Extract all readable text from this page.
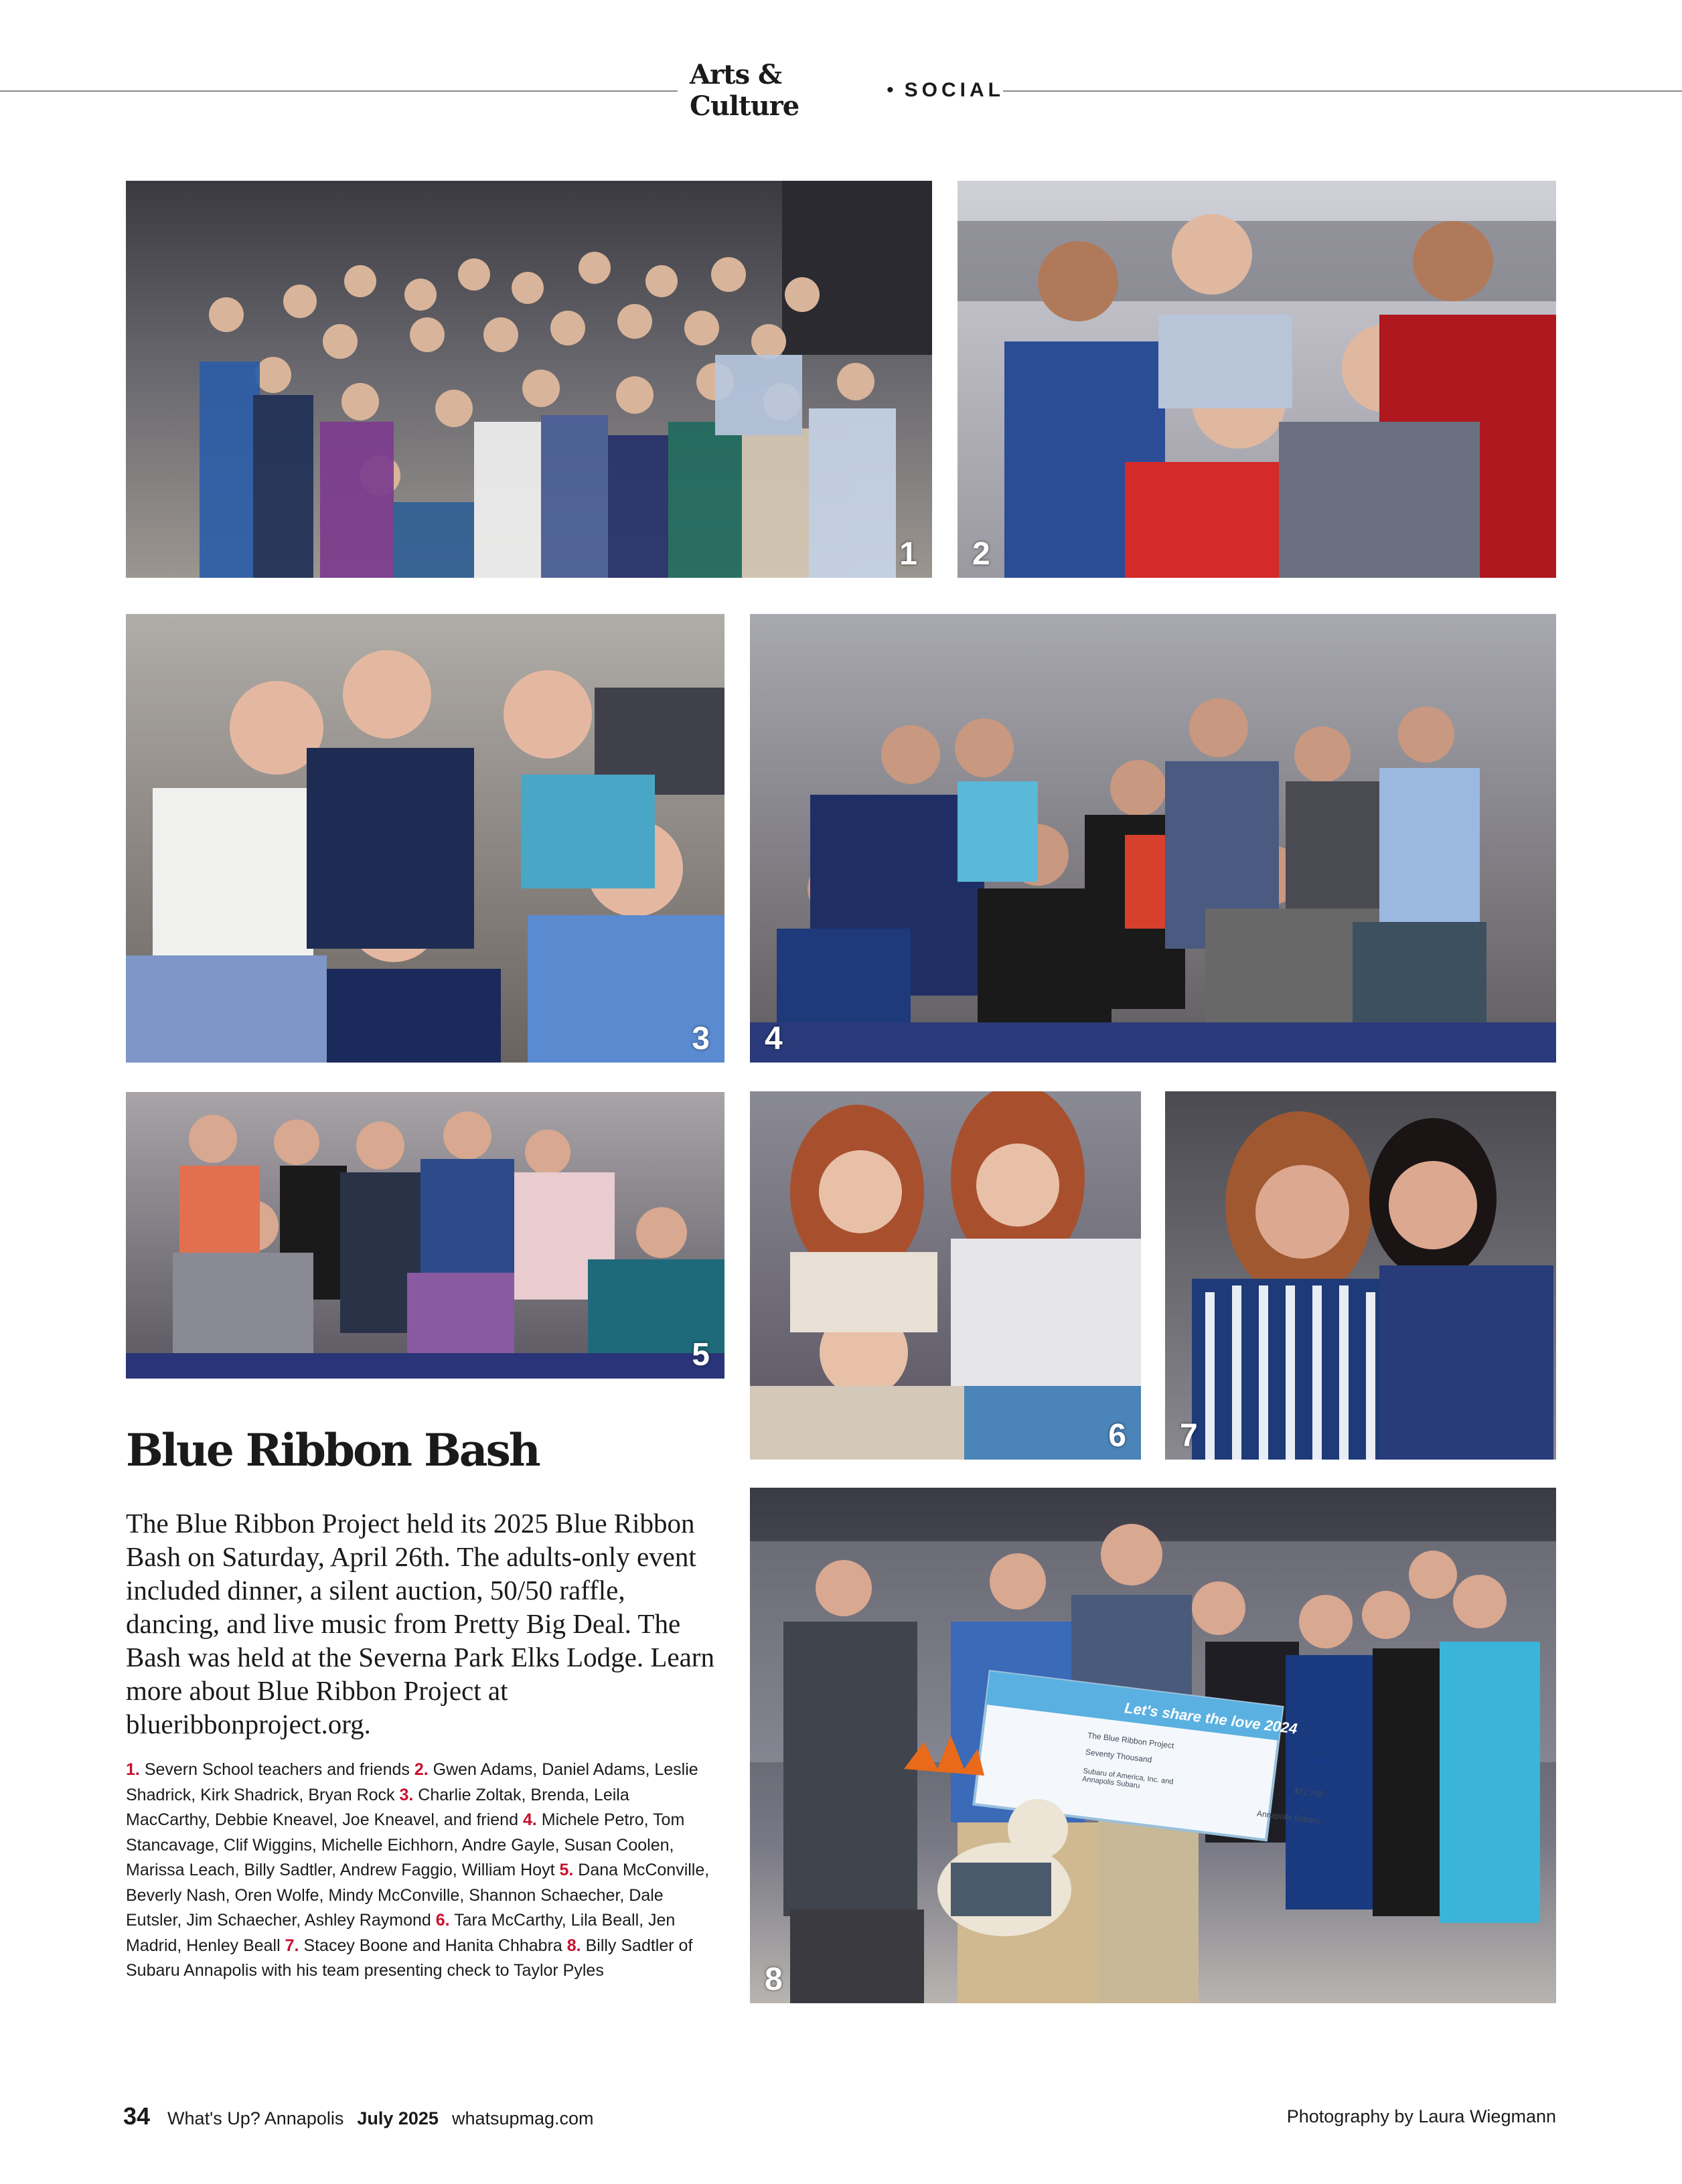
Arts & Culture
• SOCIAL
1 2
3 4
5
6 7
Let's share the love 2024
SUBARU
The Blue Ribbon Project
Seventy Thousand
$72,788
Subaru of America, Inc. and Annapolis Subaru
Annapolis Subaru
8
Blue Ribbon Bash
The Blue Ribbon Project held its 2025 Blue Ribbon Bash on Saturday, April 26th. The adults-only event included dinner, a silent auction, 50/50 raffle, dancing, and live music from Pretty Big Deal. The Bash was held at the Severna Park Elks Lodge. Learn more about Blue Ribbon Project at blueribbonproject.org.
1. Severn School teachers and friends 2. Gwen Adams, Daniel Adams, Leslie Shadrick, Kirk Shadrick, Bryan Rock 3. Charlie Zoltak, Brenda, Leila MacCarthy, Debbie Kneavel, Joe Kneavel, and friend 4. Michele Petro, Tom Stancavage, Clif Wiggins, Michelle Eichhorn, Andre Gayle, Susan Coolen, Marissa Leach, Billy Sadtler, Andrew Faggio, William Hoyt 5. Dana McConville, Beverly Nash, Oren Wolfe, Mindy McConville, Shannon Schaecher, Dale Eutsler, Jim Schaecher, Ashley Raymond 6. Tara McCarthy, Lila Beall, Jen Madrid, Henley Beall 7. Stacey Boone and Hanita Chhabra 8. Billy Sadtler of Subaru Annapolis with his team presenting check to Taylor Pyles
34 What's Up? Annapolis July 2025 whatsupmag.com	Photography by Laura Wiegmann
